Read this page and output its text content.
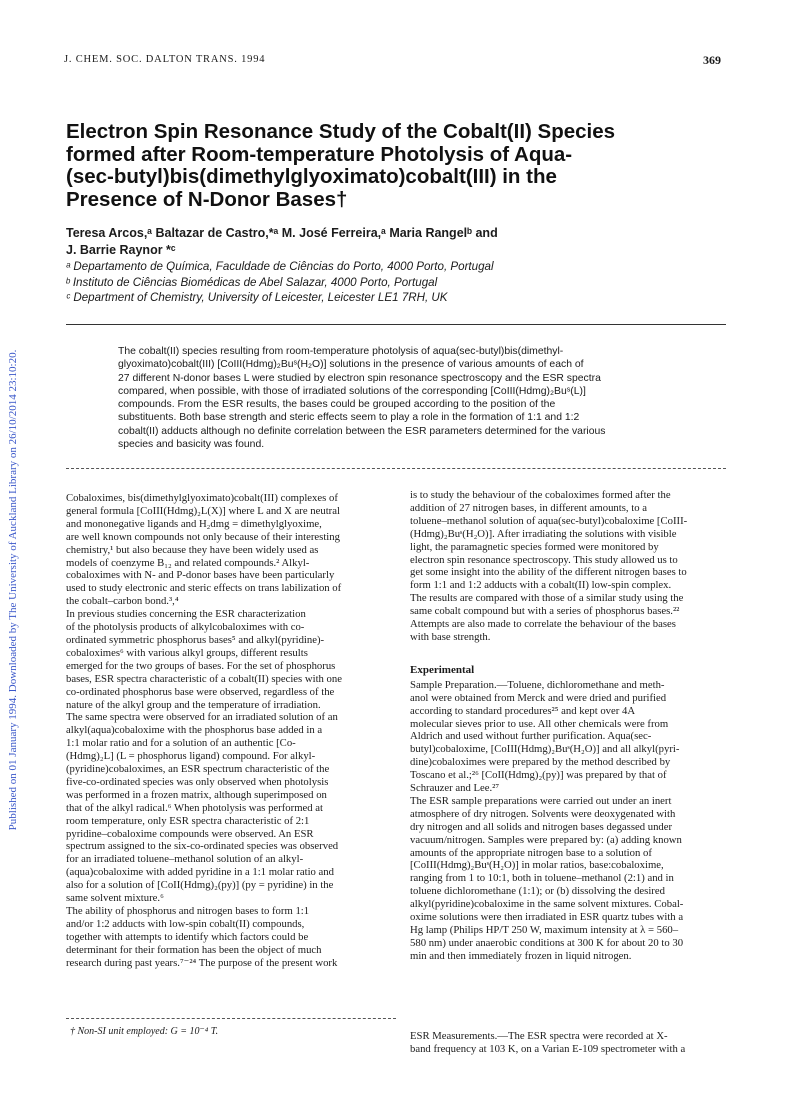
Published on 01 January 1994. Downloaded by The University of Auckland Library on 26/10/2014 23:10:20.
J. CHEM. SOC. DALTON TRANS. 1994	369
Electron Spin Resonance Study of the Cobalt(II) Species
formed after Room-temperature Photolysis of Aqua-
(sec-butyl)bis(dimethylglyoximato)cobalt(III) in the
Presence of N-Donor Bases†
Teresa Arcos,ᵃ Baltazar de Castro,*ᵃ M. José Ferreira,ᵃ Maria Rangelᵇ and
J. Barrie Raynor *ᶜ
ᵃ Departamento de Química, Faculdade de Ciências do Porto, 4000 Porto, Portugal
ᵇ Instituto de Ciências Biomédicas de Abel Salazar, 4000 Porto, Portugal
ᶜ Department of Chemistry, University of Leicester, Leicester LE1 7RH, UK
The cobalt(II) species resulting from room-temperature photolysis of aqua(sec-butyl)bis(dimethyl-
glyoximato)cobalt(III) [CoIII(Hdmg)₂Buˢ(H₂O)] solutions in the presence of various amounts of each of
27 different N-donor bases L were studied by electron spin resonance spectroscopy and the ESR spectra
compared, when possible, with those of irradiated solutions of the corresponding [CoIII(Hdmg)₂Buˢ(L)]
compounds. From the ESR results, the bases could be grouped according to the position of the
substituents. Both base strength and steric effects seem to play a role in the formation of 1:1 and 1:2
cobalt(II) adducts although no definite correlation between the ESR parameters determined for the various
species and basicity was found.
Cobaloximes, bis(dimethylglyoximato)cobalt(III) complexes of
general formula [CoIII(Hdmg)₂L(X)] where L and X are neutral
and mononegative ligands and H₂dmg = dimethylglyoxime,
are well known compounds not only because of their interesting
chemistry,¹ but also because they have been widely used as
models of coenzyme B₁₂ and related compounds.² Alkyl-
cobaloximes with N- and P-donor bases have been particularly
used to study electronic and steric effects on trans labilization of
the cobalt–carbon bond.³,⁴
In previous studies concerning the ESR characterization
of the photolysis products of alkylcobaloximes with co-
ordinated symmetric phosphorus bases⁵ and alkyl(pyridine)-
cobaloximes⁶ with various alkyl groups, different results
emerged for the two groups of bases. For the set of phosphorus
bases, ESR spectra characteristic of a cobalt(II) species with one
co-ordinated phosphorus base were observed, regardless of the
nature of the alkyl group and the temperature of irradiation.
The same spectra were observed for an irradiated solution of an
alkyl(aqua)cobaloxime with the phosphorus base added in a
1:1 molar ratio and for a solution of an authentic [Co-
(Hdmg)₂L] (L = phosphorus ligand) compound. For alkyl-
(pyridine)cobaloximes, an ESR spectrum characteristic of the
five-co-ordinated species was only observed when photolysis
was performed in a frozen matrix, although superimposed on
that of the alkyl radical.⁶ When photolysis was performed at
room temperature, only ESR spectra characteristic of 2:1
pyridine–cobaloxime compounds were observed. An ESR
spectrum assigned to the six-co-ordinated species was observed
for an irradiated toluene–methanol solution of an alkyl-
(aqua)cobaloxime with added pyridine in a 1:1 molar ratio and
also for a solution of [CoII(Hdmg)₂(py)] (py = pyridine) in the
same solvent mixture.⁶
The ability of phosphorus and nitrogen bases to form 1:1
and/or 1:2 adducts with low-spin cobalt(II) compounds,
together with attempts to identify which factors could be
determinant for their formation has been the object of much
research during past years.⁷⁻²⁴ The purpose of the present work
is to study the behaviour of the cobaloximes formed after the
addition of 27 nitrogen bases, in different amounts, to a
toluene–methanol solution of aqua(sec-butyl)cobaloxime [CoIII-
(Hdmg)₂Buˢ(H₂O)]. After irradiating the solutions with visible
light, the paramagnetic species formed were monitored by
electron spin resonance spectroscopy. This study allowed us to
get some insight into the ability of the different nitrogen bases to
form 1:1 and 1:2 adducts with a cobalt(II) low-spin complex.
The results are compared with those of a similar study using the
same cobalt compound but with a series of phosphorus bases.²²
Attempts are also made to correlate the behaviour of the bases
with base strength.
Experimental
Sample Preparation.—Toluene, dichloromethane and meth-
anol were obtained from Merck and were dried and purified
according to standard procedures²⁵ and kept over 4A
molecular sieves prior to use. All other chemicals were from
Aldrich and used without further purification. Aqua(sec-
butyl)cobaloxime, [CoIII(Hdmg)₂Buˢ(H₂O)] and all alkyl(pyri-
dine)cobaloximes were prepared by the method described by
Toscano et al.;²⁶ [CoII(Hdmg)₂(py)] was prepared by that of
Schrauzer and Lee.²⁷
The ESR sample preparations were carried out under an inert
atmosphere of dry nitrogen. Solvents were deoxygenated with
dry nitrogen and all solids and nitrogen bases degassed under
vacuum/nitrogen. Samples were prepared by: (a) adding known
amounts of the appropriate nitrogen base to a solution of
[CoIII(Hdmg)₂Buˢ(H₂O)] in molar ratios, base:cobaloxime,
ranging from 1 to 10:1, both in toluene–methanol (2:1) and in
toluene dichloromethane (1:1); or (b) dissolving the desired
alkyl(pyridine)cobaloxime in the same solvent mixtures. Cobal-
oxime solutions were then irradiated in ESR quartz tubes with a
Hg lamp (Philips HP/T 250 W, maximum intensity at λ = 560–
580 nm) under anaerobic conditions at 300 K for about 20 to 30
min and then immediately frozen in liquid nitrogen.
ESR Measurements.—The ESR spectra were recorded at X-
band frequency at 103 K, on a Varian E-109 spectrometer with a
† Non-SI unit employed: G = 10⁻⁴ T.
